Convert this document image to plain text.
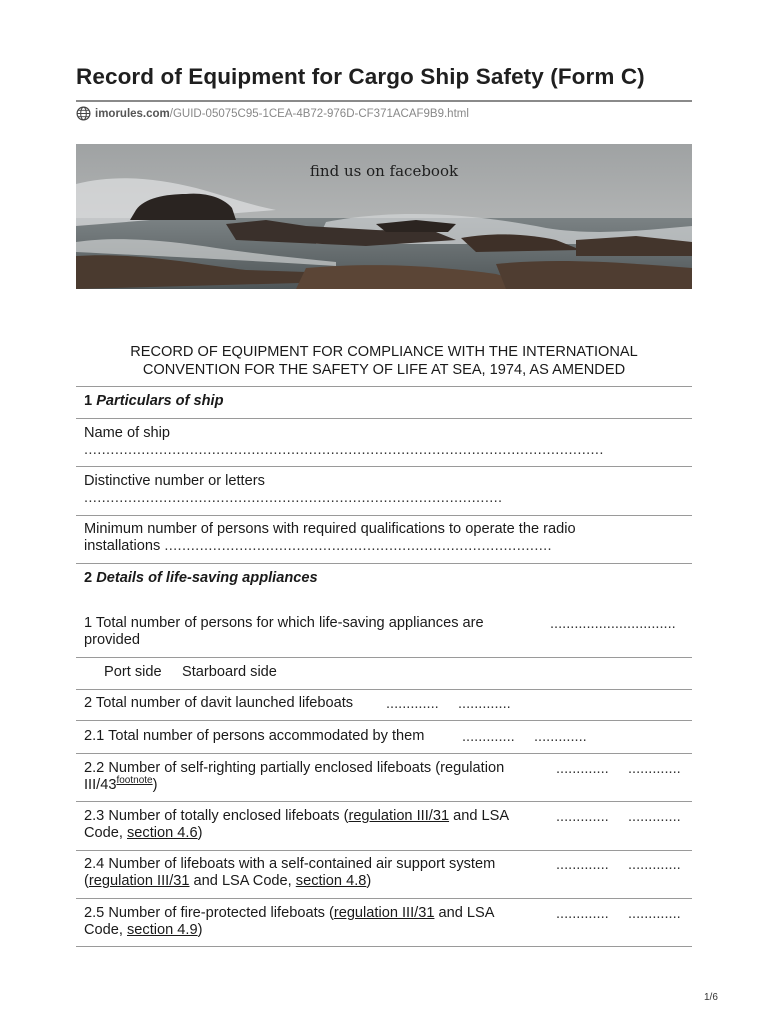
Record of Equipment for Cargo Ship Safety (Form C)
imorules.com /GUID-05075C95-1CEA-4B72-976D-CF371ACAF9B9.html
find us on facebook
RECORD OF EQUIPMENT FOR COMPLIANCE WITH THE INTERNATIONAL
CONVENTION FOR THE SAFETY OF LIFE AT SEA, 1974, AS AMENDED
1 Particulars of ship
Name of ship
......................................................................................................................
Distinctive number or letters
...............................................................................................
Minimum number of persons with required qualifications to operate the radio
installations ........................................................................................
2 Details of life-saving appliances
1 Total number of persons for which life-saving appliances are
provided
...............................
Port side Starboard side
2 Total number of davit launched lifeboats ............. .............
2.1 Total number of persons accommodated by them	............. .............
2.2 Number of self-righting partially enclosed lifeboats (regulation
III/$43^{footnote}$)
............. .............
2.3 Number of totally enclosed lifeboats (regulation III/31 and LSA
Code, section 4.6)
............. .............
2.4 Number of lifeboats with a self-contained air support system
(regulation III/31 and LSA Code, section 4.8)
............. .............
2.5 Number of fire-protected lifeboats (regulation III/31 and LSA
Code, section 4.9)
............. .............
1/6
